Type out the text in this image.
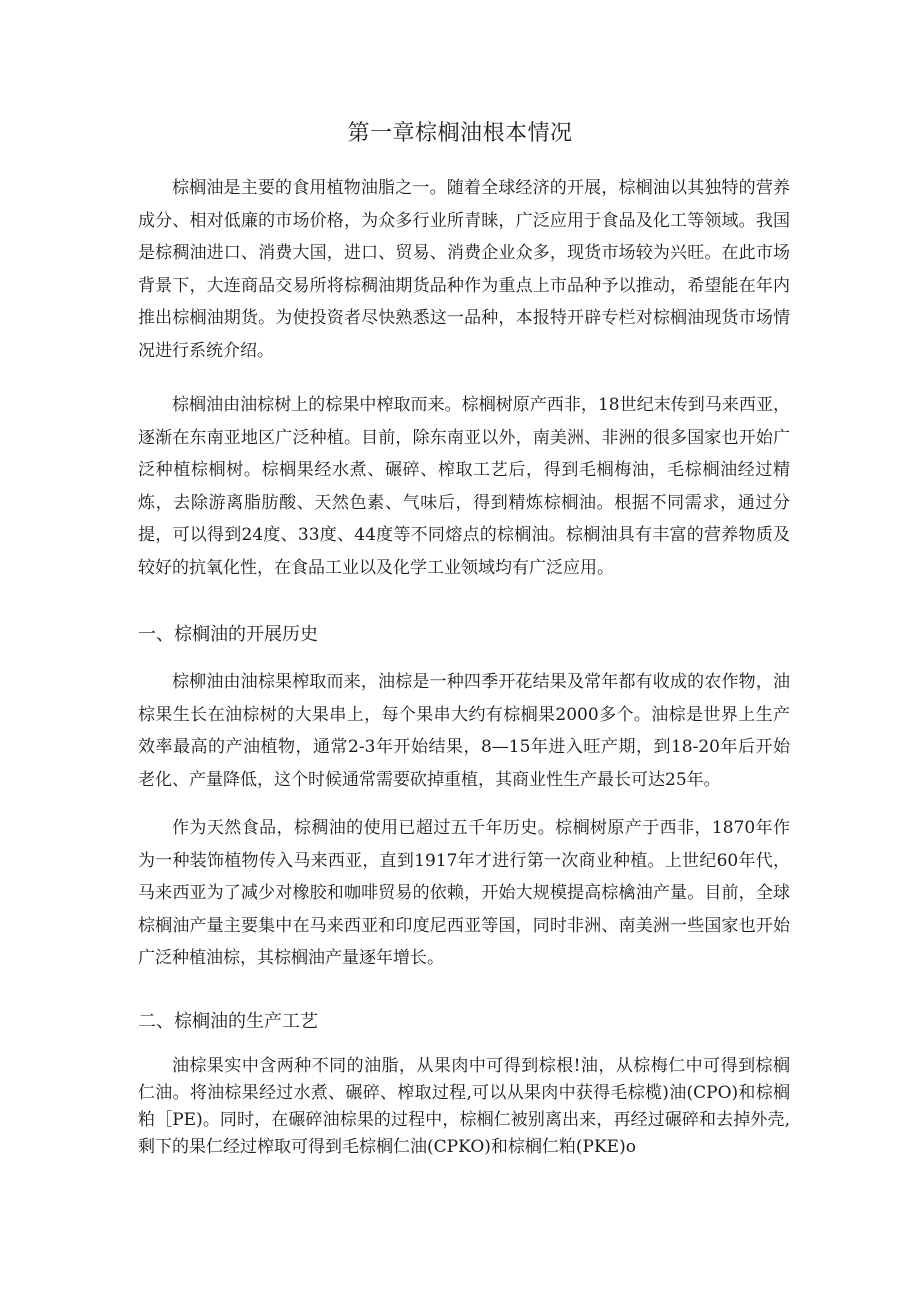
第一章棕榈油根本情况

棕榈油是主要的食用植物油脂之一。随着全球经济的开展，棕榈油以其独特的营养成分、相对低廉的市场价格，为众多行业所青睐，广泛应用于食品及化工等领域。我国是棕稠油进口、消费大国，进口、贸易、消费企业众多，现货市场较为兴旺。在此市场背景下，大连商品交易所将棕稠油期货品种作为重点上市品种予以推动，希望能在年内推出棕榈油期货。为使投资者尽快熟悉这一品种，本报特开辟专栏对棕榈油现货市场情况进行系统介绍。

棕榈油由油棕树上的棕果中榨取而来。棕榈树原产西非，18世纪末传到马来西亚，逐渐在东南亚地区广泛种植。目前，除东南亚以外，南美洲、非洲的很多国家也开始广泛种植棕榈树。棕榈果经水煮、碾碎、榨取工艺后，得到毛榈梅油，毛棕榈油经过精炼，去除游离脂肪酸、天然色素、气味后，得到精炼棕榈油。根据不同需求，通过分提，可以得到24度、33度、44度等不同熔点的棕榈油。棕榈油具有丰富的营养物质及较好的抗氧化性，在食品工业以及化学工业领域均有广泛应用。

一、棕榈油的开展历史

棕柳油由油棕果榨取而来，油棕是一种四季开花结果及常年都有收成的农作物，油棕果生长在油棕树的大果串上，每个果串大约有棕榈果2000多个。油棕是世界上生产效率最高的产油植物，通常2-3年开始结果，8—15年进入旺产期，到18-20年后开始老化、产量降低，这个时候通常需要砍掉重植，其商业性生产最长可达25年。

作为天然食品，棕稠油的使用已超过五千年历史。棕榈树原产于西非，1870年作为一种装饰植物传入马来西亚，直到1917年才进行第一次商业种植。上世纪60年代，马来西亚为了减少对橡胶和咖啡贸易的依赖，开始大规模提高棕檎油产量。目前，全球棕榈油产量主要集中在马来西亚和印度尼西亚等国，同时非洲、南美洲一些国家也开始广泛种植油棕，其棕榈油产量逐年增长。

二、棕榈油的生产工艺

油棕果实中含两种不同的油脂，从果肉中可得到棕根!油，从棕梅仁中可得到棕榈仁油。将油棕果经过水煮、碾碎、榨取过程,可以从果肉中获得毛棕榄)油(CPO)和棕榈粕［PE)。同时，在碾碎油棕果的过程中，棕榈仁被别离出来，再经过碾碎和去掉外壳,剩下的果仁经过榨取可得到毛棕榈仁油(CPKO)和棕榈仁粕(PKE)o
